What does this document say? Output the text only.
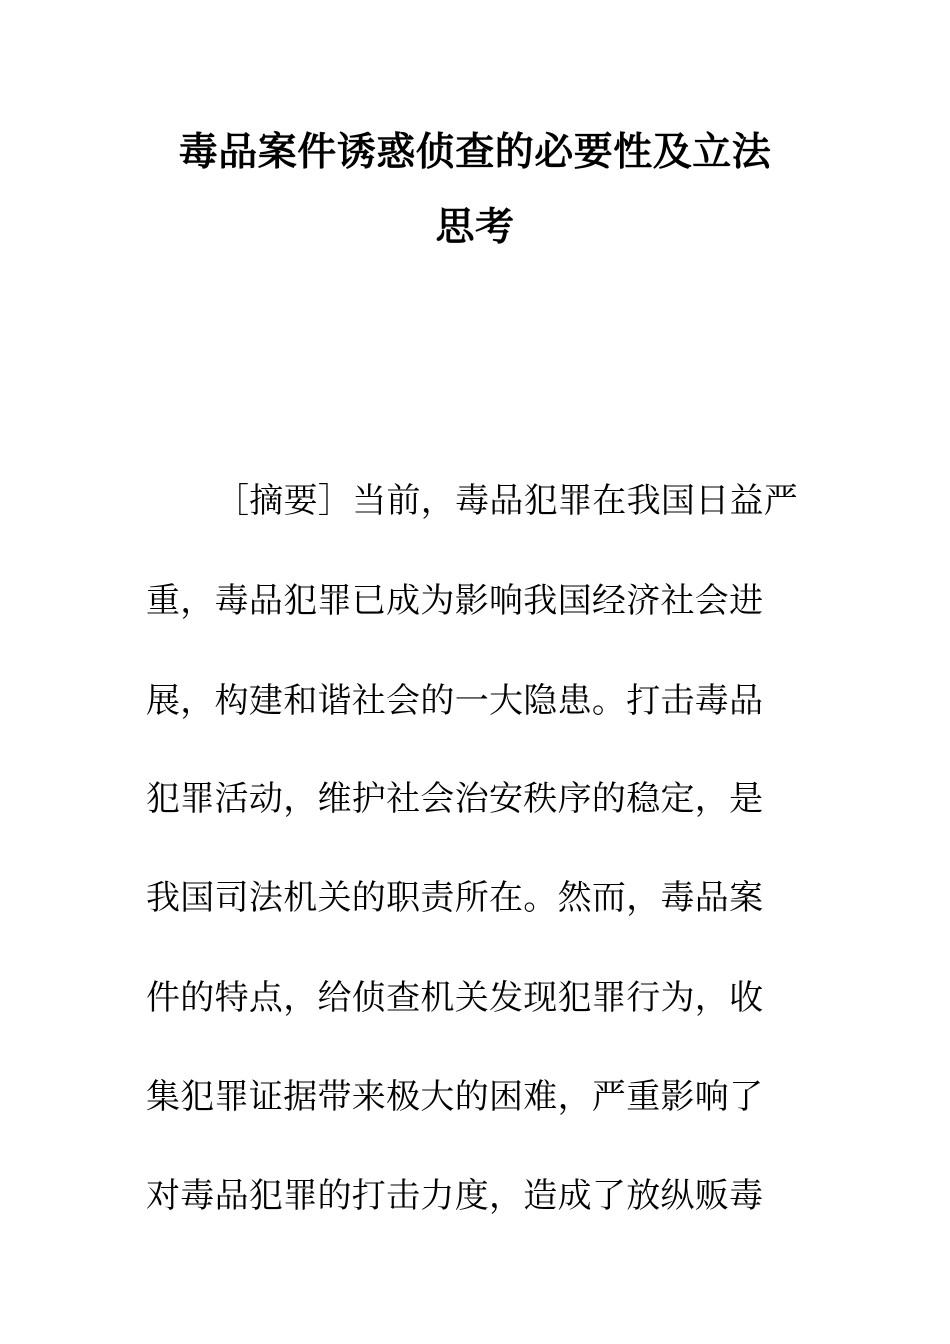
毒品案件诱惑侦查的必要性及立法
思考
［摘要］当前，毒品犯罪在我国日益严
重，毒品犯罪已成为影响我国经济社会进
展，构建和谐社会的一大隐患。打击毒品
犯罪活动，维护社会治安秩序的稳定，是
我国司法机关的职责所在。然而，毒品案
件的特点，给侦查机关发现犯罪行为，收
集犯罪证据带来极大的困难，严重影响了
对毒品犯罪的打击力度，造成了放纵贩毒
